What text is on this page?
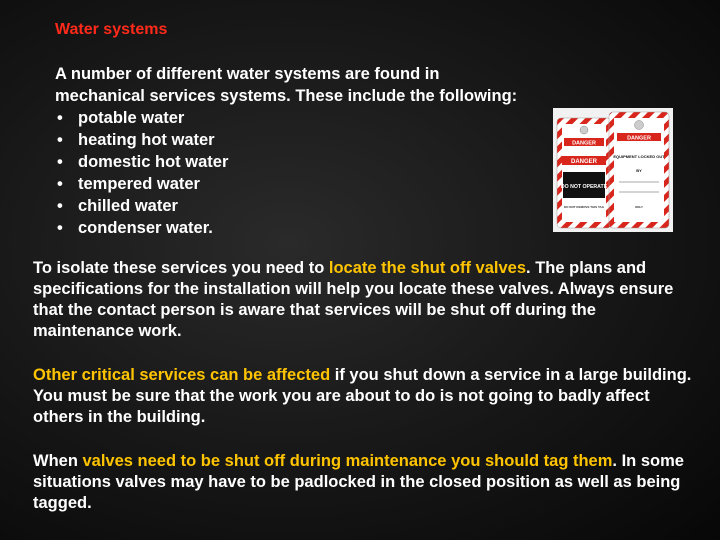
Water systems
A number of different water systems are found in
mechanical services systems. These include the following:
• potable water
• heating hot water
• domestic hot water
• tempered water
• chilled water
• condenser water.
DANGER
DANGER
DO NOT OPERATE
DO NOT REMOVE THIS TAG
DANGER
EQUIPMENT LOCKED OUT
BY
ONLY
To isolate these services you need to locate the shut off valves. The plans and specifications for the installation will help you locate these valves. Always ensure that the contact person is aware that services will be shut off during the maintenance work.
Other critical services can be affected if you shut down a service in a large building. You must be sure that the work you are about to do is not going to badly affect others in the building.
When valves need to be shut off during maintenance you should tag them. In some situations valves may have to be padlocked in the closed position as well as being tagged.
